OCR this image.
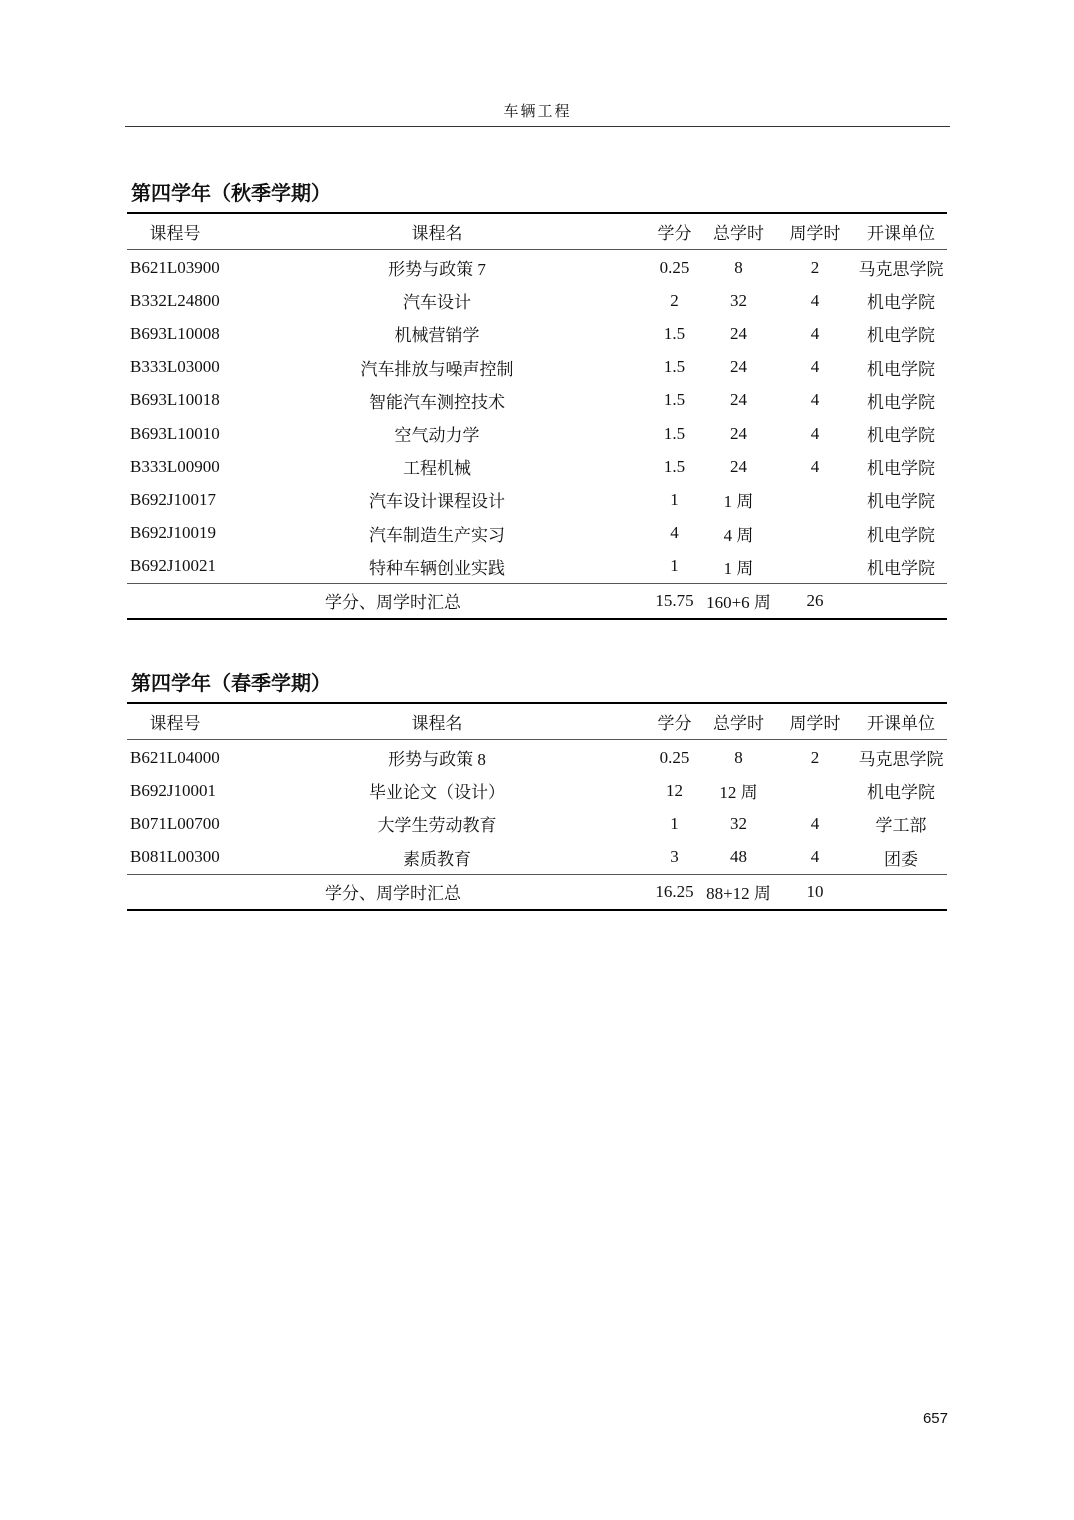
车辆工程
第四学年（秋季学期）
课程号	课程名	学分	总学时	周学时	开课单位
B621L03900	形势与政策 7	0.25	8	2	马克思学院
B332L24800	汽车设计	2	32	4	机电学院
B693L10008	机械营销学	1.5	24	4	机电学院
B333L03000	汽车排放与噪声控制	1.5	24	4	机电学院
B693L10018	智能汽车测控技术	1.5	24	4	机电学院
B693L10010	空气动力学	1.5	24	4	机电学院
B333L00900	工程机械	1.5	24	4	机电学院
B692J10017	汽车设计课程设计	1	1 周		机电学院
B692J10019	汽车制造生产实习	4	4 周		机电学院
B692J10021	特种车辆创业实践	1	1 周		机电学院
学分、周学时汇总		15.75	160+6 周	26	
第四学年（春季学期）
课程号	课程名	学分	总学时	周学时	开课单位
B621L04000	形势与政策 8	0.25	8	2	马克思学院
B692J10001	毕业论文（设计）	12	12 周		机电学院
B071L00700	大学生劳动教育	1	32	4	学工部
B081L00300	素质教育	3	48	4	团委
学分、周学时汇总		16.25	88+12 周	10	
657
